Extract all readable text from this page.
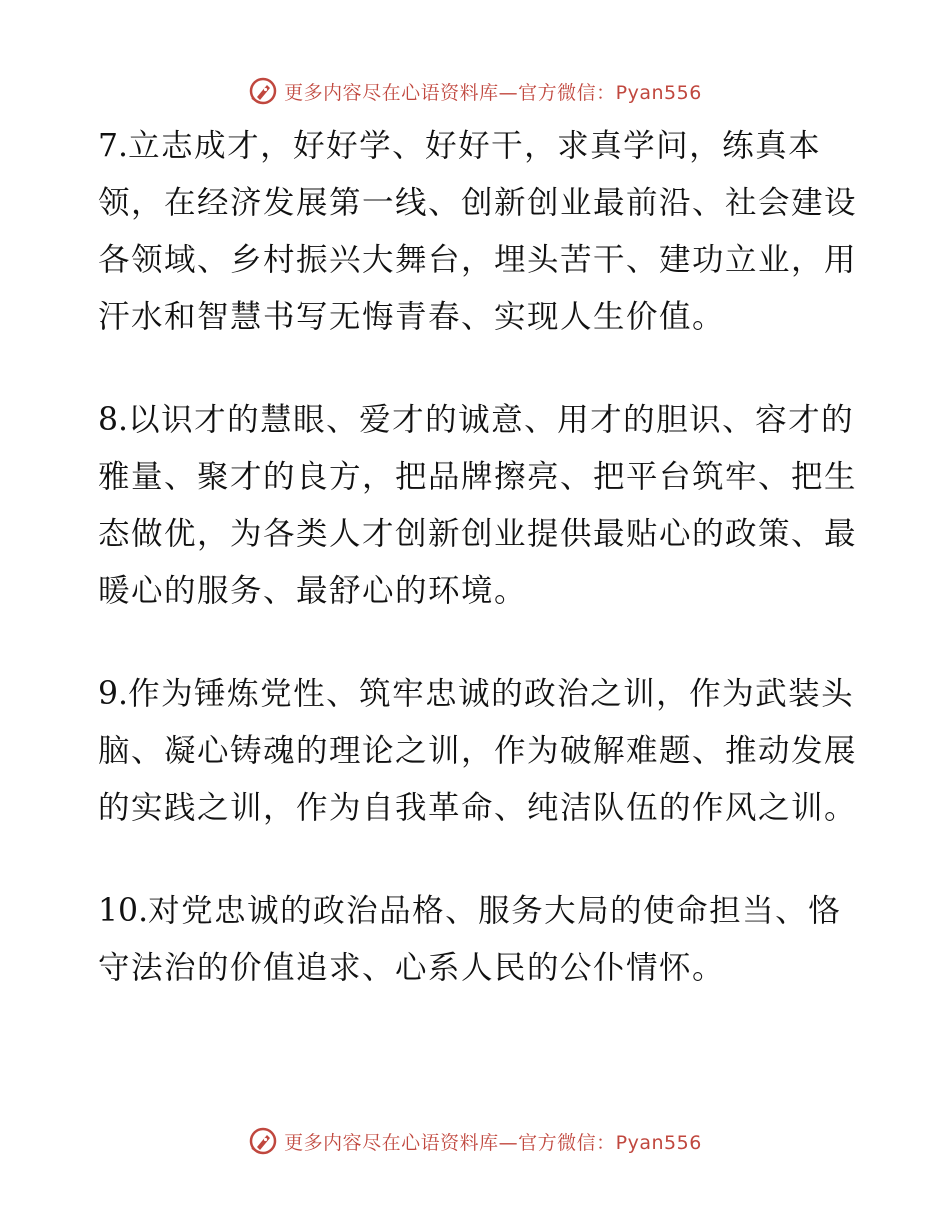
更多内容尽在心语资料库—官方微信：Pyan556

7.立志成才，好好学、好好干，求真学问，练真本领，在经济发展第一线、创新创业最前沿、社会建设各领域、乡村振兴大舞台，埋头苦干、建功立业，用汗水和智慧书写无悔青春、实现人生价值。

8.以识才的慧眼、爱才的诚意、用才的胆识、容才的雅量、聚才的良方，把品牌擦亮、把平台筑牢、把生态做优，为各类人才创新创业提供最贴心的政策、最暖心的服务、最舒心的环境。

9.作为锤炼党性、筑牢忠诚的政治之训，作为武装头脑、凝心铸魂的理论之训，作为破解难题、推动发展的实践之训，作为自我革命、纯洁队伍的作风之训。

10.对党忠诚的政治品格、服务大局的使命担当、恪守法治的价值追求、心系人民的公仆情怀。

更多内容尽在心语资料库—官方微信：Pyan556
